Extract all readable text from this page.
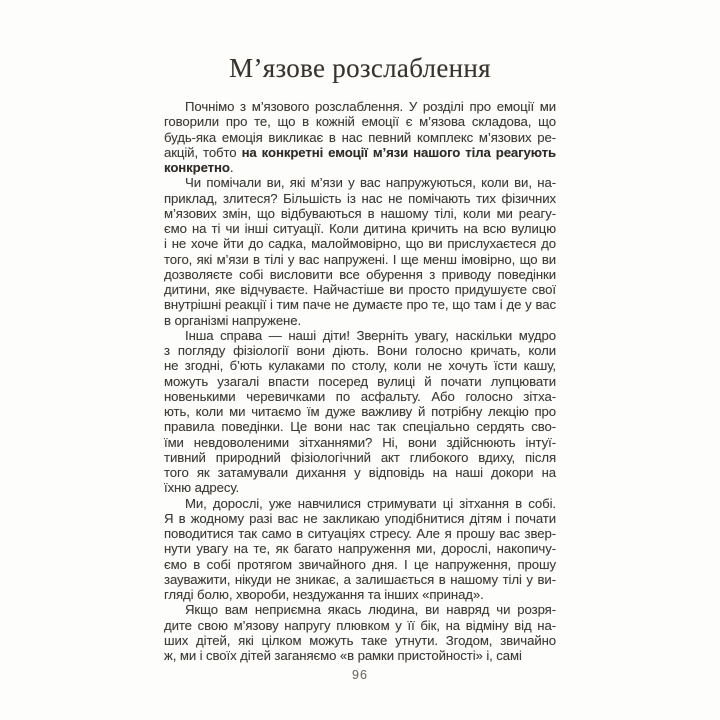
М’язове розслаблення
Почнімо з м’язового розслаблення. У розділі про емоції ми
говорили про те, що в кожній емоції є м’язова складова, що
будь-яка емоція викликає в нас певний комплекс м’язових ре-
акцій, тобто на конкретні емоції м’язи нашого тіла реагують
конкретно.
Чи помічали ви, які м’язи у вас напружуються, коли ви, на-
приклад, злитеся? Більшість із нас не помічають тих фізичних
м’язових змін, що відбуваються в нашому тілі, коли ми реагу-
ємо на ті чи інші ситуації. Коли дитина кричить на всю вулицю
і не хоче йти до садка, малоймовірно, що ви прислухаєтеся до
того, які м’язи в тілі у вас напружені. І ще менш імовірно, що ви
дозволяєте собі висловити все обурення з приводу поведінки
дитини, яке відчуваєте. Найчастіше ви просто придушуєте свої
внутрішні реакції і тим паче не думаєте про те, що там і де у вас
в організмі напружене.
Інша справа — наші діти! Зверніть увагу, наскільки мудро
з погляду фізіології вони діють. Вони голосно кричать, коли
не згодні, б’ють кулаками по столу, коли не хочуть їсти кашу,
можуть узагалі впасти посеред вулиці й почати лупцювати
новенькими черевичками по асфальту. Або голосно зітха-
ють, коли ми читаємо їм дуже важливу й потрібну лекцію про
правила поведінки. Це вони нас так спеціально сердять сво-
їми невдоволеними зітханнями? Ні, вони здійснюють інтуї-
тивний природний фізіологічний акт глибокого вдиху, після
того як затамували дихання у відповідь на наші докори на
їхню адресу.
Ми, дорослі, уже навчилися стримувати ці зітхання в собі.
Я в жодному разі вас не закликаю уподібнитися дітям і почати
поводитися так само в ситуаціях стресу. Але я прошу вас звер-
нути увагу на те, як багато напруження ми, дорослі, накопичу-
ємо в собі протягом звичайного дня. І це напруження, прошу
зауважити, нікуди не зникає, а залишається в нашому тілі у ви-
гляді болю, хвороби, нездужання та інших «принад».
Якщо вам неприємна якась людина, ви навряд чи розря-
дите свою м’язову напругу плювком у її бік, на відміну від на-
ших дітей, які цілком можуть таке утнути. Згодом, звичайно
ж, ми і своїх дітей заганяємо «в рамки пристойності» і, самі
96
